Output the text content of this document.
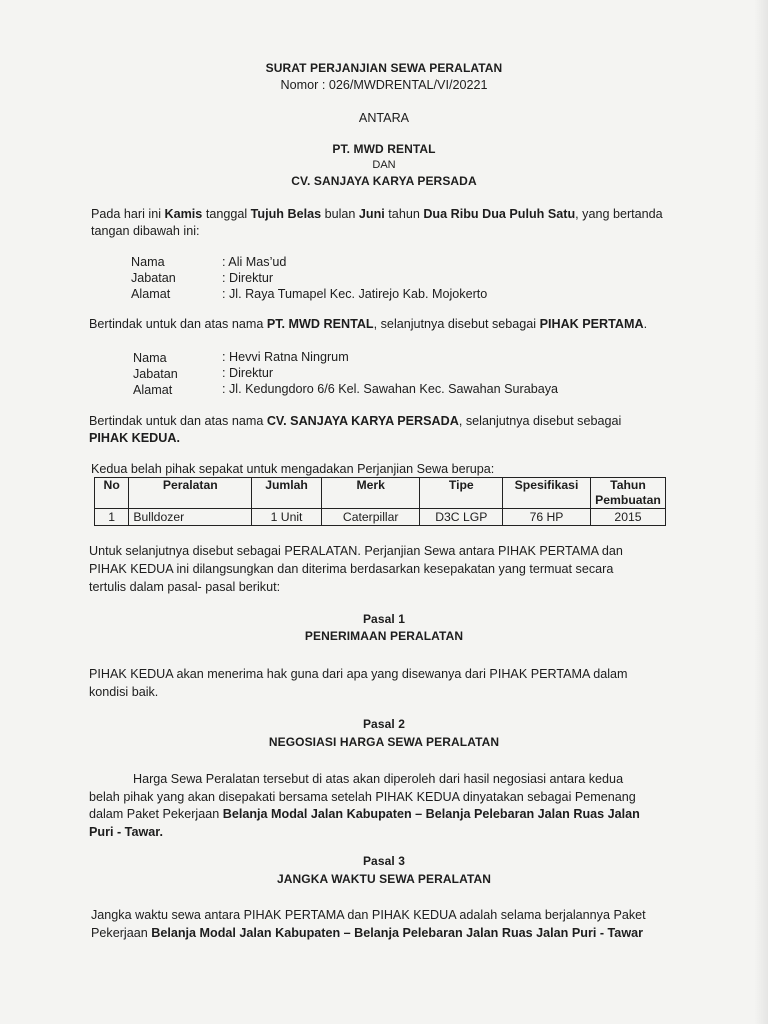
SURAT PERJANJIAN SEWA PERALATAN
Nomor : 026/MWDRENTAL/VI/20221
ANTARA
PT. MWD RENTAL
DAN
CV. SANJAYA KARYA PERSADA
Pada hari ini Kamis tanggal Tujuh Belas bulan Juni tahun Dua Ribu Dua Puluh Satu, yang bertanda
tangan dibawah ini:
Nama	: Ali Mas’ud
Jabatan	: Direktur
Alamat	: Jl. Raya Tumapel Kec. Jatirejo Kab. Mojokerto
Bertindak untuk dan atas nama PT. MWD RENTAL, selanjutnya disebut sebagai PIHAK PERTAMA.
Nama	: Hevvi Ratna Ningrum
Jabatan	: Direktur
Alamat	: Jl. Kedungdoro 6/6 Kel. Sawahan Kec. Sawahan Surabaya
Bertindak untuk dan atas nama CV. SANJAYA KARYA PERSADA, selanjutnya disebut sebagai
PIHAK KEDUA.
Kedua belah pihak sepakat untuk mengadakan Perjanjian Sewa berupa:
No	Peralatan	Jumlah	Merk	Tipe	Spesifikasi	Tahun Pembuatan
1	Bulldozer	1 Unit	Caterpillar	D3C LGP	76 HP	2015
Untuk selanjutnya disebut sebagai PERALATAN. Perjanjian Sewa antara PIHAK PERTAMA dan
PIHAK KEDUA ini dilangsungkan dan diterima berdasarkan kesepakatan yang termuat secara
tertulis dalam pasal- pasal berikut:
Pasal 1
PENERIMAAN PERALATAN
PIHAK KEDUA akan menerima hak guna dari apa yang disewanya dari PIHAK PERTAMA dalam
kondisi baik.
Pasal 2
NEGOSIASI HARGA SEWA PERALATAN
Harga Sewa Peralatan tersebut di atas akan diperoleh dari hasil negosiasi antara kedua
belah pihak yang akan disepakati bersama setelah PIHAK KEDUA dinyatakan sebagai Pemenang
dalam Paket Pekerjaan Belanja Modal Jalan Kabupaten – Belanja Pelebaran Jalan Ruas Jalan
Puri - Tawar.
Pasal 3
JANGKA WAKTU SEWA PERALATAN
Jangka waktu sewa antara PIHAK PERTAMA dan PIHAK KEDUA adalah selama berjalannya Paket
Pekerjaan Belanja Modal Jalan Kabupaten – Belanja Pelebaran Jalan Ruas Jalan Puri - Tawar
